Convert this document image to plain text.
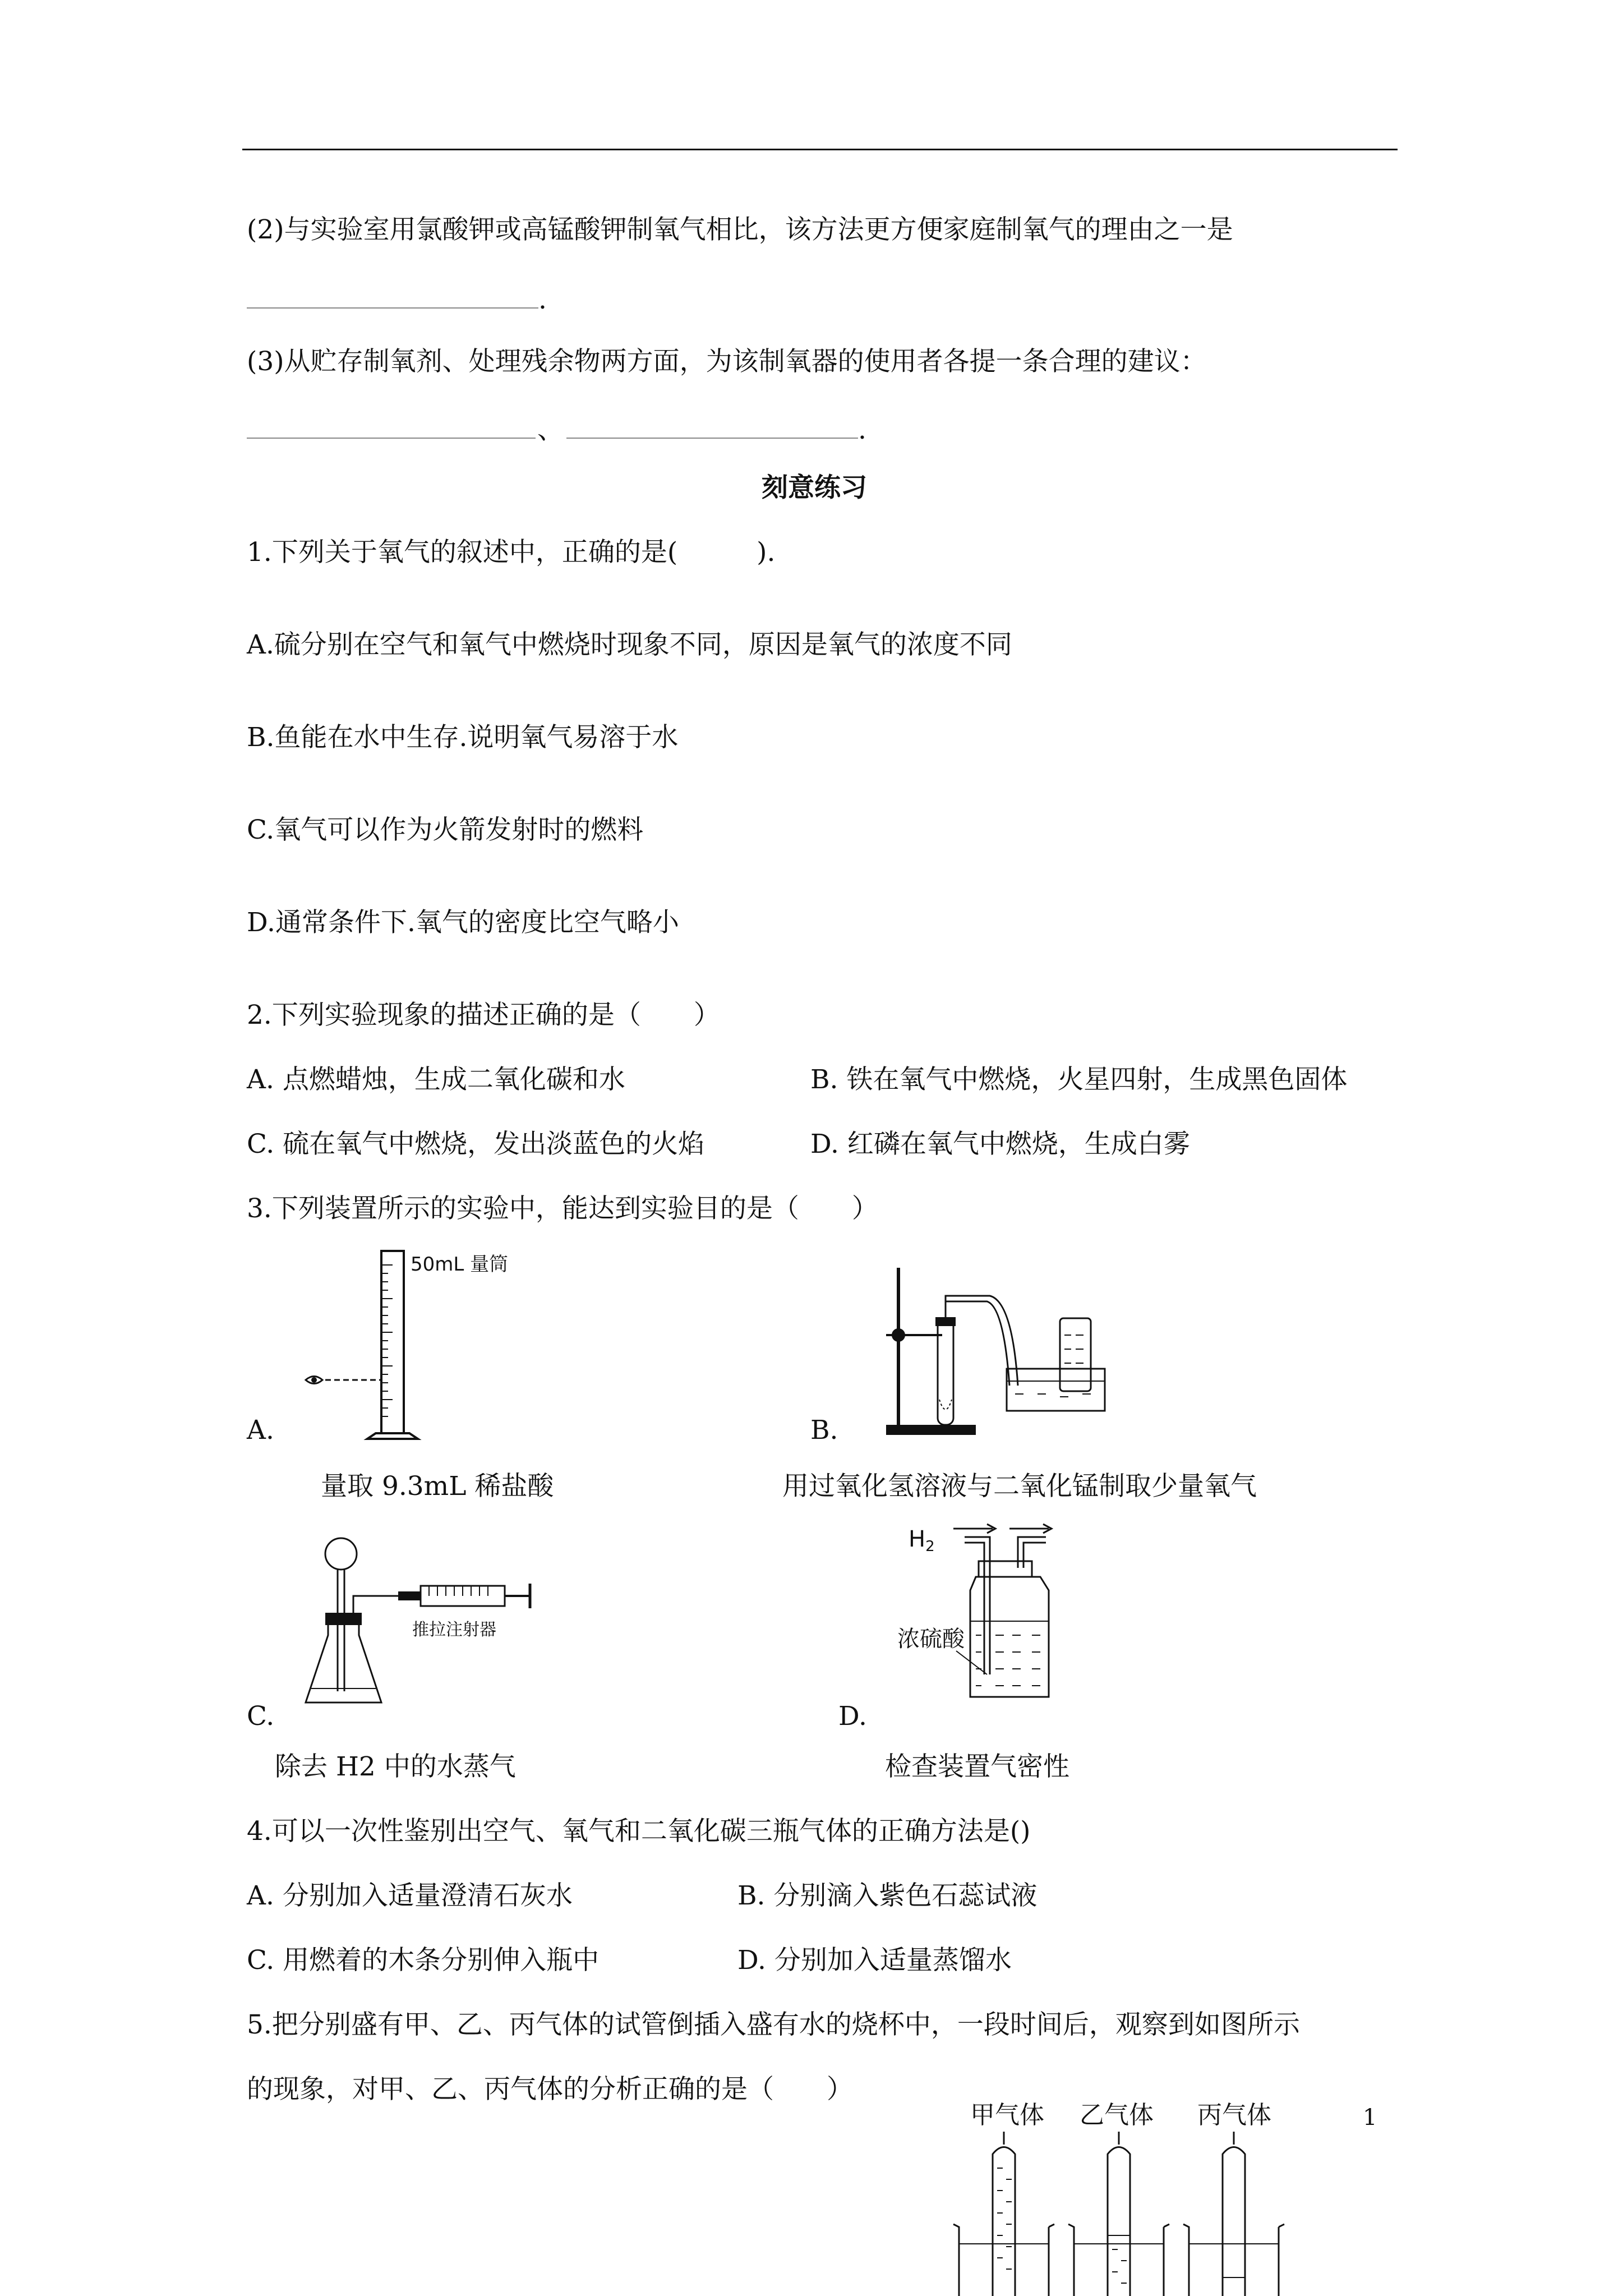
(2)与实验室用氯酸钾或高锰酸钾制氧气相比，该方法更方便家庭制氧气的理由之一是
.
(3)从贮存制氧剂、处理残余物两方面，为该制氧器的使用者各提一条合理的建议：
、	.
刻意练习
1.下列关于氧气的叙述中，正确的是(　　　).
A.硫分别在空气和氧气中燃烧时现象不同，原因是氧气的浓度不同
B.鱼能在水中生存.说明氧气易溶于水
C.氧气可以作为火箭发射时的燃料
D.通常条件下.氧气的密度比空气略小
2.下列实验现象的描述正确的是（　　）
A. 点燃蜡烛，生成二氧化碳和水	B. 铁在氧气中燃烧，火星四射，生成黑色固体
C. 硫在氧气中燃烧，发出淡蓝色的火焰	D. 红磷在氧气中燃烧，生成白雾
3.下列装置所示的实验中，能达到实验目的是（　　）
50mL 量筒
A.
量取 9.3mL 稀盐酸
B.
用过氧化氢溶液与二氧化锰制取少量氧气
推拉注射器
C.
除去 H2 中的水蒸气
$H_2$
浓硫酸
D.
检查装置气密性
4.可以一次性鉴别出空气、氧气和二氧化碳三瓶气体的正确方法是()
A. 分别加入适量澄清石灰水	B. 分别滴入紫色石蕊试液
C. 用燃着的木条分别伸入瓶中	D. 分别加入适量蒸馏水
5.把分别盛有甲、乙、丙气体的试管倒插入盛有水的烧杯中，一段时间后，观察到如图所示
的现象，对甲、乙、丙气体的分析正确的是（　　）
甲气体 乙气体 丙气体	1
